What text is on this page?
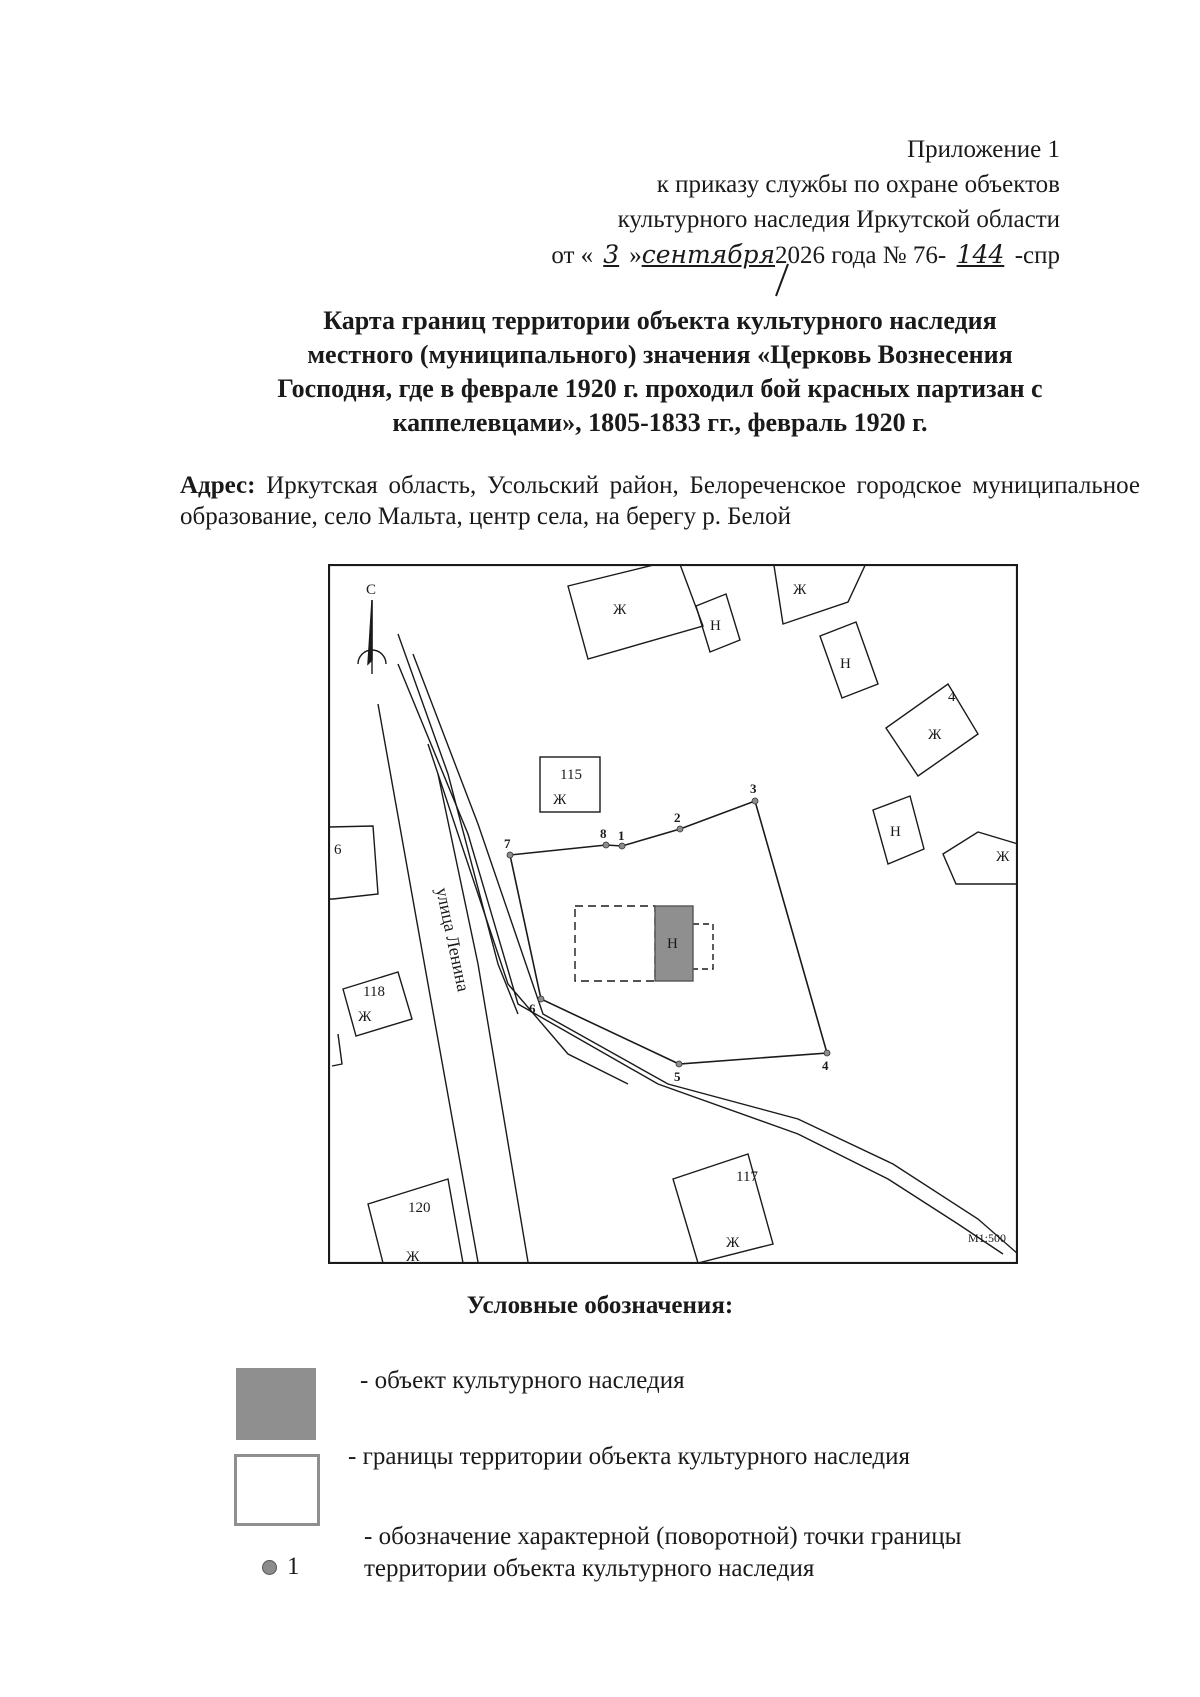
Приложение 1
к приказу службы по охране объектов
культурного наследия Иркутской области
от « 3 »сентября2026 года № 76- 144 -спр
Карта границ территории объекта культурного наследия
местного (муниципального) значения «Церковь Вознесения
Господня, где в феврале 1920 г. проходил бой красных партизан с
каппелевцами», 1805-1833 гг., февраль 1920 г.
Адрес: Иркутская область, Усольский район, Белореченское городское муниципальное образование, село Мальта, центр села, на берегу р. Белой
С
улица Ленина
1
2
3
4
5
6
7
8
Н
Ж
Ж
Н
Н
4
Ж
115
Ж
Н
Ж
6
118
Ж
120
Ж
117
Ж	М1:500
Условные обозначения:
- объект культурного наследия
- границы территории объекта культурного наследия
1
- обозначение характерной (поворотной) точки границы
территории объекта культурного наследия
